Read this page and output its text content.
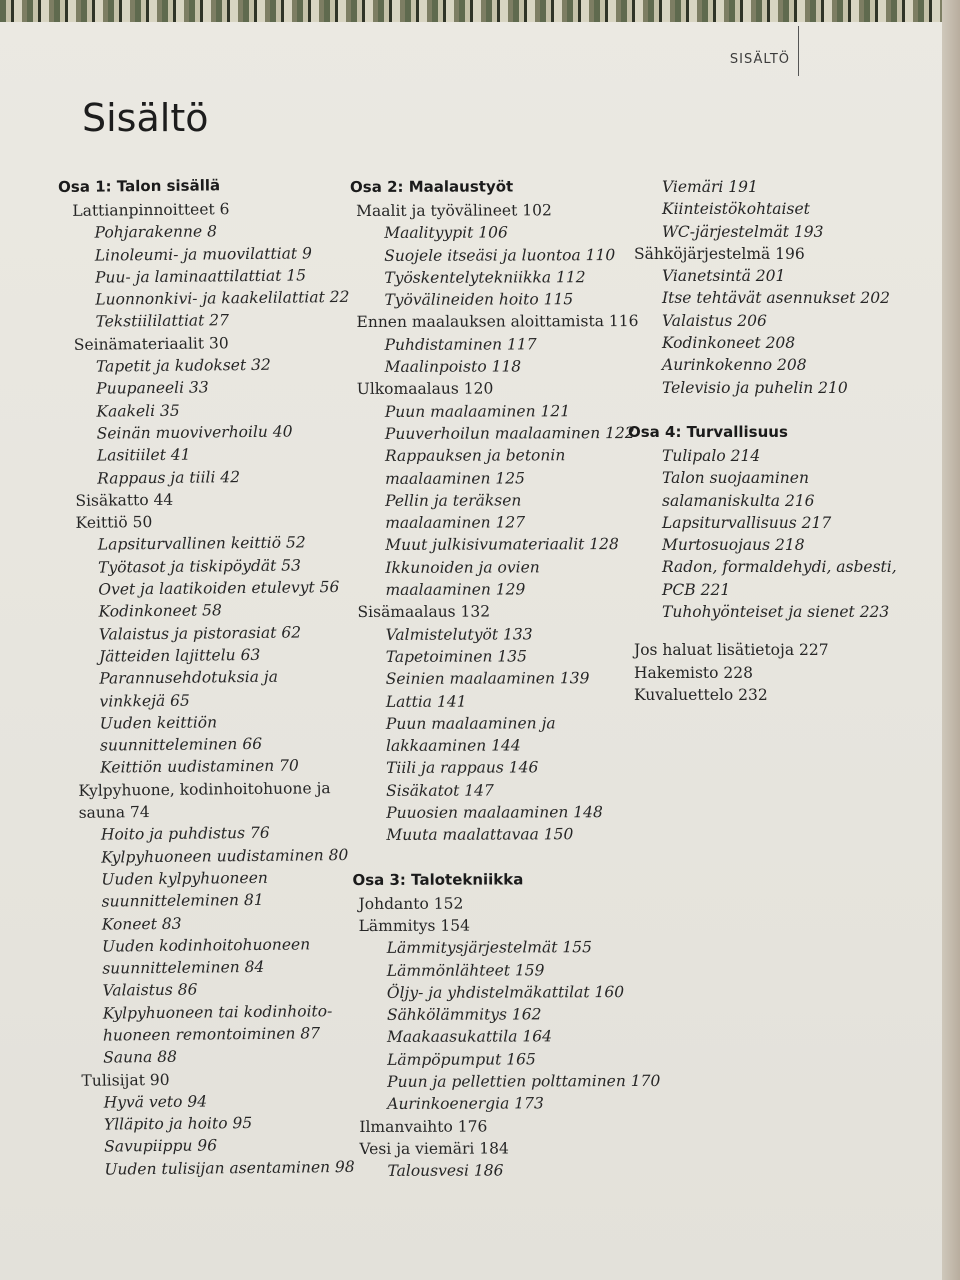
SISÄLTÖ
Sisältö
Osa 1: Talon sisällä
Lattianpinnoitteet 6
Pohjarakenne 8
Linoleumi- ja muovilattiat 9
Puu- ja laminaattilattiat 15
Luonnonkivi- ja kaakelilattiat 22
Tekstiililattiat 27
Seinämateriaalit 30
Tapetit ja kudokset 32
Puupaneeli 33
Kaakeli 35
Seinän muoviverhoilu 40
Lasitiilet 41
Rappaus ja tiili 42
Sisäkatto 44
Keittiö 50
Lapsiturvallinen keittiö 52
Työtasot ja tiskipöydät 53
Ovet ja laatikoiden etulevyt 56
Kodinkoneet 58
Valaistus ja pistorasiat 62
Jätteiden lajittelu 63
Parannusehdotuksia ja
vinkkejä 65
Uuden keittiön
suunnitteleminen 66
Keittiön uudistaminen 70
Kylpyhuone, kodinhoitohuone ja
sauna 74
Hoito ja puhdistus 76
Kylpyhuoneen uudistaminen 80
Uuden kylpyhuoneen
suunnitteleminen 81
Koneet 83
Uuden kodinhoitohuoneen
suunnitteleminen 84
Valaistus 86
Kylpyhuoneen tai kodinhoito-
huoneen remontoiminen 87
Sauna 88
Tulisijat 90
Hyvä veto 94
Ylläpito ja hoito 95
Savupiippu 96
Uuden tulisijan asentaminen 98
Osa 2: Maalaustyöt
Maalit ja työvälineet 102
Maalityypit 106
Suojele itseäsi ja luontoa 110
Työskentelytekniikka 112
Työvälineiden hoito 115
Ennen maalauksen aloittamista 116
Puhdistaminen 117
Maalinpoisto 118
Ulkomaalaus 120
Puun maalaaminen 121
Puuverhoilun maalaaminen 122
Rappauksen ja betonin
maalaaminen 125
Pellin ja teräksen
maalaaminen 127
Muut julkisivumateriaalit 128
Ikkunoiden ja ovien
maalaaminen 129
Sisämaalaus 132
Valmistelutyöt 133
Tapetoiminen 135
Seinien maalaaminen 139
Lattia 141
Puun maalaaminen ja
lakkaaminen 144
Tiili ja rappaus 146
Sisäkatot 147
Puuosien maalaaminen 148
Muuta maalattavaa 150
Osa 3: Talotekniikka
Johdanto 152
Lämmitys 154
Lämmitysjärjestelmät 155
Lämmönlähteet 159
Öljy- ja yhdistelmäkattilat 160
Sähkölämmitys 162
Maakaasukattila 164
Lämpöpumput 165
Puun ja pellettien polttaminen 170
Aurinkoenergia 173
Ilmanvaihto 176
Vesi ja viemäri 184
Talousvesi 186
Viemäri 191
Kiinteistökohtaiset
WC-järjestelmät 193
Sähköjärjestelmä 196
Vianetsintä 201
Itse tehtävät asennukset 202
Valaistus 206
Kodinkoneet 208
Aurinkokenno 208
Televisio ja puhelin 210
Osa 4: Turvallisuus
Tulipalo 214
Talon suojaaminen
salamaniskulta 216
Lapsiturvallisuus 217
Murtosuojaus 218
Radon, formaldehydi, asbesti,
PCB 221
Tuhohyönteiset ja sienet 223
Jos haluat lisätietoja 227
Hakemisto 228
Kuvaluettelo 232
